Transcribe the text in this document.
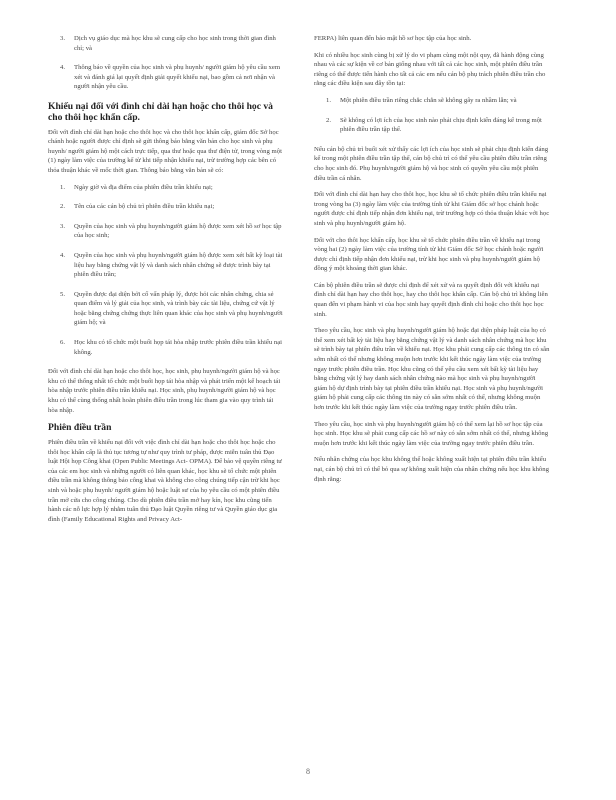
3. Dịch vụ giáo dục mà học khu sẽ cung cấp cho học sinh trong thời gian đình chỉ; và
4. Thông báo về quyền của học sinh và phụ huynh/ người giám hộ yêu cầu xem xét và đánh giá lại quyết định giải quyết khiếu nại, bao gồm cả nơi nhận và người nhận yêu cầu.
Khiếu nại đối với đình chỉ dài hạn hoặc cho thôi học và cho thôi học khẩn cấp.

Đối với đình chỉ dài hạn hoặc cho thôi học và cho thôi học khẩn cấp, giám đốc Sở học chánh hoặc người được chỉ định sẽ gửi thông báo bằng văn bản cho học sinh và phụ huynh/ người giám hộ một cách trực tiếp, qua thư hoặc qua thư điện tử, trong vòng một (1) ngày làm việc của trường kể từ khi tiếp nhận khiếu nại, trừ trường hợp các bên có thỏa thuận khác về mốc thời gian. Thông báo bằng văn bản sẽ có:

1. Ngày giờ và địa điểm của phiên điều trần khiếu nại;
2. Tên của các cán bộ chủ trì phiên điều trần khiếu nại;
3. Quyền của học sinh và phụ huynh/người giám hộ được xem xét hồ sơ học tập của học sinh;
4. Quyền của học sinh và phụ huynh/người giám hộ được xem xét bất kỳ loại tài liệu hay bằng chứng vật lý và danh sách nhân chứng sẽ được trình bày tại phiên điều trần;
5. Quyền được đại diện bởi cố vấn pháp lý, được hỏi các nhân chứng, chia sẻ quan điểm và lý giải của học sinh, và trình bày các tài liệu, chứng cứ vật lý hoặc bằng chứng chứng thực liên quan khác của học sinh và phụ huynh/người giám hộ; và
6. Học khu có tổ chức một buổi họp tái hòa nhập trước phiên điều trần khiếu nại không.

Đối với đình chỉ dài hạn hoặc cho thôi học, học sinh, phụ huynh/người giám hộ và học khu có thể thống nhất tổ chức một buổi họp tái hòa nhập và phát triển một kế hoạch tái hòa nhập trước phiên điều trần khiếu nại. Học sinh, phụ huynh/người giám hộ và học khu có thể cùng thống nhất hoãn phiên điều trần trong lúc tham gia vào quy trình tái hòa nhập.

Phiên điều trần

Phiên điều trần về khiếu nại đối với việc đình chỉ dài hạn hoặc cho thôi học hoặc cho thôi học khẩn cấp là thủ tục tương tự như quy trình tư pháp, được miễn tuân thủ Đạo luật Hội họp Công khai (Open Public Meetings Act- OPMA). Để bảo vệ quyền riêng tư của các em học sinh và những người có liên quan khác, học khu sẽ tổ chức một phiên điều trần mà không thông báo công khai và không cho công chúng tiếp cận trừ khi học sinh và hoặc phụ huynh/ người giám hộ hoặc luật sư của họ yêu cầu có một phiên điều trần mở cửa cho công chúng. Cho dù phiên điều trần mở hay kín, học khu cũng tiến hành các nỗ lực hợp lý nhằm tuân thủ Đạo luật Quyền riêng tư và Quyền giáo dục gia đình (Family Educational Rights and Privacy Act-

FERPA) liên quan đến bảo mật hồ sơ học tập của học sinh.

Khi có nhiều học sinh cùng bị xử lý do vi phạm cùng một nội quy, đã hành động cùng nhau và các sự kiện về cơ bản giống nhau với tất cả các học sinh, một phiên điều trần riêng có thể được tiến hành cho tất cả các em nếu cán bộ phụ trách phiên điều trần cho rằng các điều kiện sau đây tồn tại:

1. Một phiên điều trần riêng chắc chắn sẽ không gây ra nhầm lẫn; và
2. Sẽ không có lợi ích của học sinh nào phải chịu định kiến đáng kể trong một phiên điều trần tập thể.

Nếu cán bộ chủ trì buổi xét xử thấy các lợi ích của học sinh sẽ phải chịu định kiến đáng kể trong một phiên điều trần tập thể, cán bộ chủ trì có thể yêu cầu phiên điều trần riêng cho học sinh đó. Phụ huynh/người giám hộ và học sinh có quyền yêu cầu một phiên điều trần cá nhân.

Đối với đình chỉ dài hạn hay cho thôi học, học khu sẽ tổ chức phiên điều trần khiếu nại trong vòng ba (3) ngày làm việc của trường tính từ khi Giám đốc sở học chánh hoặc người được chỉ định tiếp nhận đơn khiếu nại, trừ trường hợp có thỏa thuận khác với học sinh và phụ huynh/người giám hộ.

Đối với cho thôi học khẩn cấp, học khu sẽ tổ chức phiên điều trần về khiếu nại trong vòng hai (2) ngày làm việc của trường tính từ khi Giám đốc Sở học chánh hoặc người được chỉ định tiếp nhận đơn khiếu nại, trừ khi học sinh và phụ huynh/người giám hộ đồng ý một khoảng thời gian khác.

Cán bộ phiên điều trần sẽ được chỉ định để xét xử và ra quyết định đối với khiếu nại đình chỉ dài hạn hay cho thôi học, hay cho thôi học khẩn cấp. Cán bộ chủ trì không liên quan đến vi phạm hành vi của học sinh hay quyết định đình chỉ hoặc cho thôi học học sinh.

Theo yêu cầu, học sinh và phụ huynh/người giám hộ hoặc đại diện pháp luật của họ có thể xem xét bất kỳ tài liệu hay bằng chứng vật lý và danh sách nhân chứng mà học khu sẽ trình bày tại phiên điều trần về khiếu nại. Học khu phải cung cấp các thông tin có sẵn sớm nhất có thể nhưng không muộn hơn trước khi kết thúc ngày làm việc của trường ngay trước phiên điều trần. Học khu cũng có thể yêu cầu xem xét bất kỳ tài liệu hay bằng chứng vật lý hay danh sách nhân chứng nào mà học sinh và phụ huynh/người giám hộ dự định trình bày tại phiên điều trần khiếu nại. Học sinh và phụ huynh/người giám hộ phải cung cấp các thông tin này có sẵn sớm nhất có thể, nhưng không muộn hơn trước khi kết thúc ngày làm việc của trường ngay trước phiên điều trần.

Theo yêu cầu, học sinh và phụ huynh/người giám hộ có thể xem lại hồ sơ học tập của học sinh. Học khu sẽ phải cung cấp các hồ sơ này có sẵn sớm nhất có thể, nhưng không muộn hơn trước khi kết thúc ngày làm việc của trường ngay trước phiên điều trần.

Nếu nhân chứng của học khu không thể hoặc không xuất hiện tại phiên điều trần khiếu nại, cán bộ chủ trì có thể bỏ qua sự không xuất hiện của nhân chứng nếu học khu không định rằng:

8
